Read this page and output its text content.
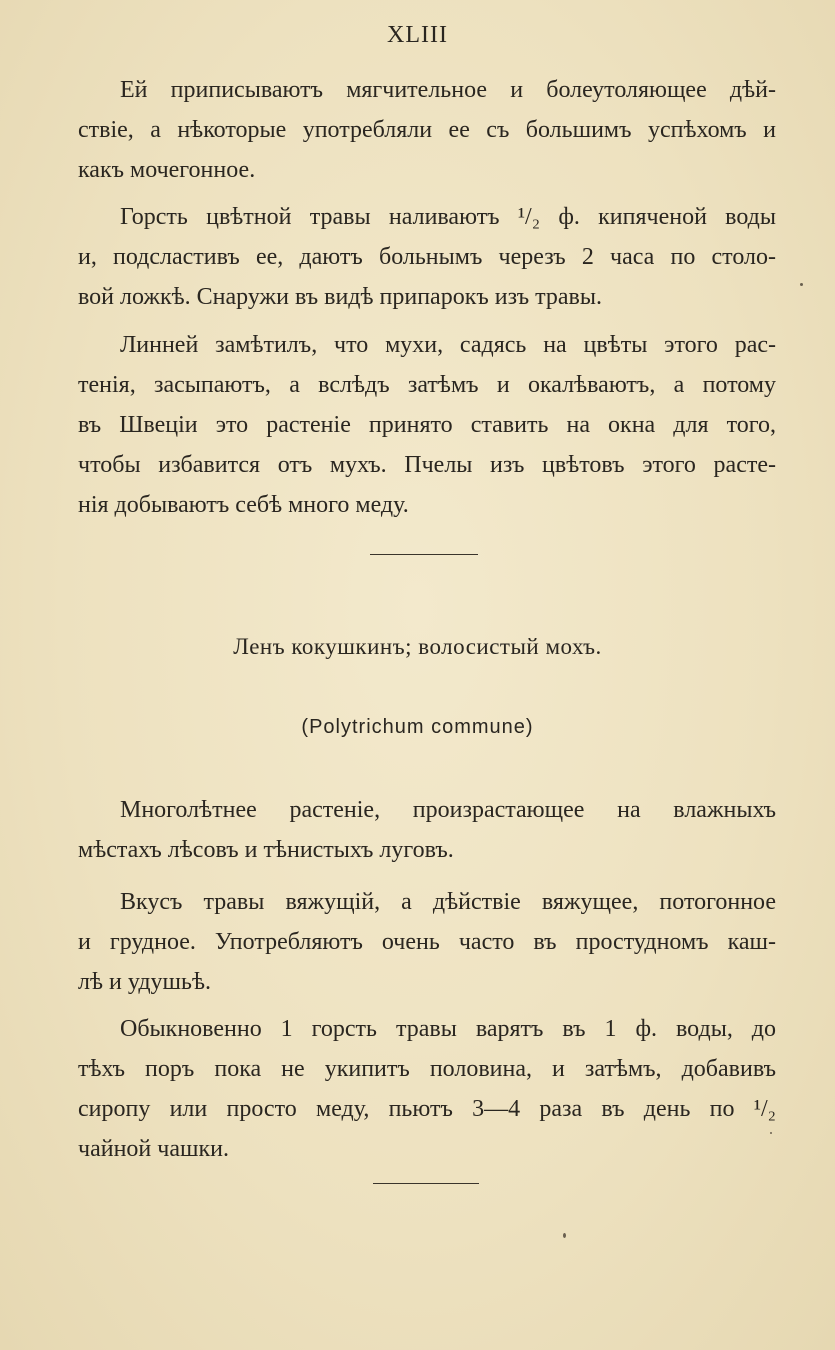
XLIII
Ей приписываютъ мягчительное и болеутоляющее дѣй-
ствіе, а нѣкоторые употребляли ее съ большимъ успѣхомъ и
какъ мочегонное.
Горсть цвѣтной травы наливаютъ ¹/₂ ф. кипяченой воды
и, подсластивъ ее, даютъ больнымъ черезъ 2 часа по столо-
вой ложкѣ. Снаружи въ видѣ припарокъ изъ травы.
Линней замѣтилъ, что мухи, садясь на цвѣты этого рас-
тенія, засыпаютъ, а вслѣдъ затѣмъ и окалѣваютъ, а потому
въ Швеціи это растеніе принято ставить на окна для того,
чтобы избавится отъ мухъ. Пчелы изъ цвѣтовъ этого расте-
нія добываютъ себѣ много меду.
Ленъ кокушкинъ; волосистый мохъ.
(Polytrichum commune)
Многолѣтнее растеніе, произрастающее на влажныхъ
мѣстахъ лѣсовъ и тѣнистыхъ луговъ.
Вкусъ травы вяжущій, а дѣйствіе вяжущее, потогонное
и грудное. Употребляютъ очень часто въ простудномъ каш-
лѣ и удушьѣ.
Обыкновенно 1 горсть травы варятъ въ 1 ф. воды, до
тѣхъ поръ пока не укипитъ половина, и затѣмъ, добавивъ
сиропу или просто меду, пьютъ 3—4 раза въ день по ¹/₂
чайной чашки.
